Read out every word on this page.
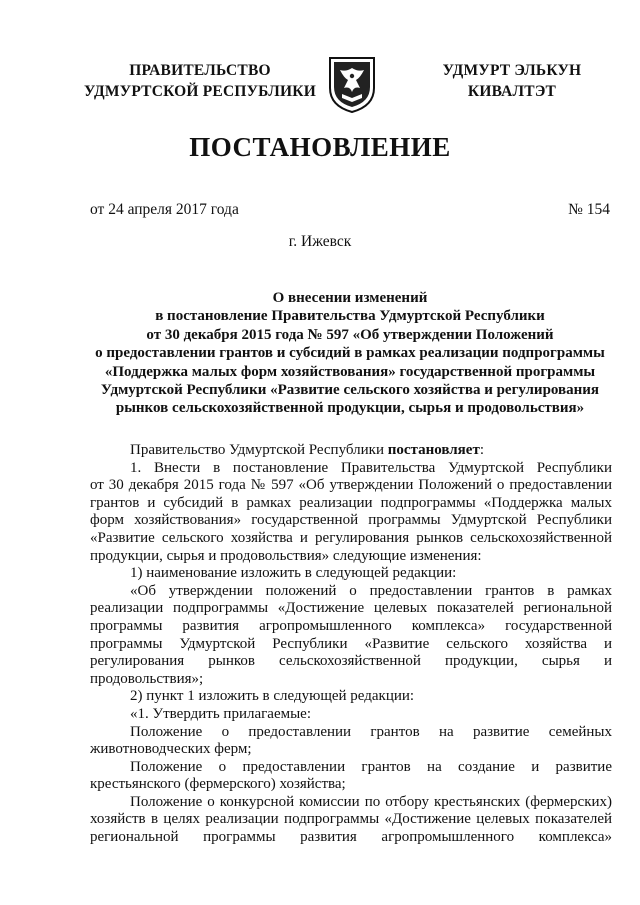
ПРАВИТЕЛЬСТВО
УДМУРТСКОЙ РЕСПУБЛИКИ
УДМУРТ ЭЛЬКУН
КИВАЛТЭТ
ПОСТАНОВЛЕНИЕ
от 24 апреля 2017 года	№ 154
г. Ижевск
О внесении изменений
в постановление Правительства Удмуртской Республики
от 30 декабря 2015 года № 597 «Об утверждении Положений
о предоставлении грантов и субсидий в рамках реализации подпрограммы
«Поддержка малых форм хозяйствования» государственной программы
Удмуртской Республики «Развитие сельского хозяйства и регулирования
рынков сельскохозяйственной продукции, сырья и продовольствия»
Правительство Удмуртской Республики постановляет:
1. Внести в постановление Правительства Удмуртской Республики
от 30 декабря 2015 года № 597 «Об утверждении Положений о предоставлении
грантов и субсидий в рамках реализации подпрограммы «Поддержка малых
форм хозяйствования» государственной программы Удмуртской Республики
«Развитие сельского хозяйства и регулирования рынков сельскохозяйственной
продукции, сырья и продовольствия» следующие изменения:
1) наименование изложить в следующей редакции:
«Об утверждении положений о предоставлении грантов в рамках
реализации подпрограммы «Достижение целевых показателей региональной
программы развития агропромышленного комплекса» государственной
программы Удмуртской Республики «Развитие сельского хозяйства и
регулирования рынков сельскохозяйственной продукции, сырья и
продовольствия»;
2) пункт 1 изложить в следующей редакции:
«1. Утвердить прилагаемые:
Положение о предоставлении грантов на развитие семейных
животноводческих ферм;
Положение о предоставлении грантов на создание и развитие
крестьянского (фермерского) хозяйства;
Положение о конкурсной комиссии по отбору крестьянских (фермерских)
хозяйств в целях реализации подпрограммы «Достижение целевых показателей
региональной программы развития агропромышленного комплекса»
